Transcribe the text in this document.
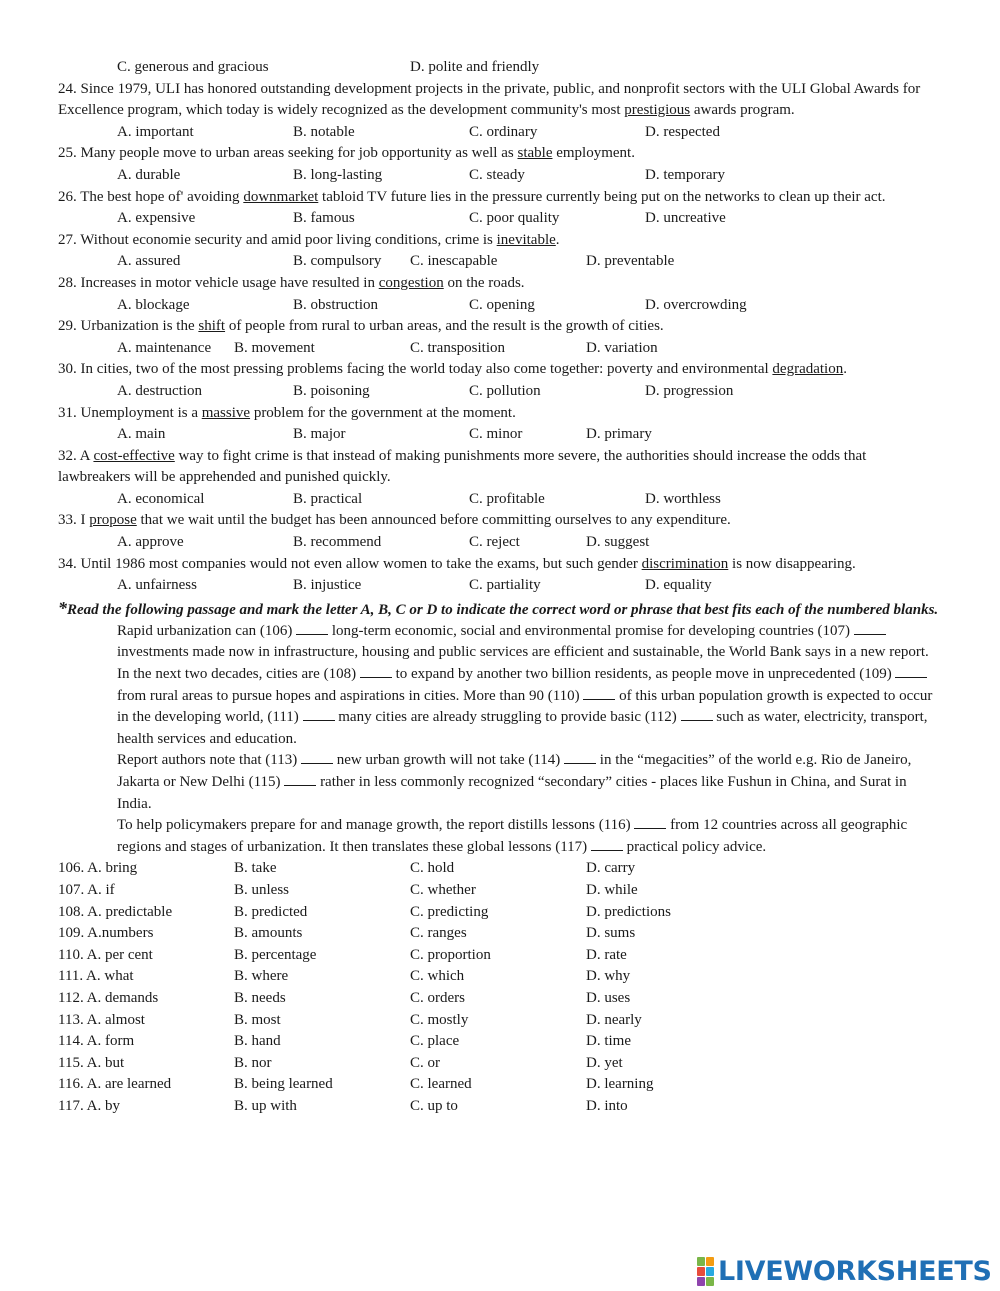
C. generous and gracious	D. polite and friendly
24. Since 1979, ULI has honored outstanding development projects in the private, public, and nonprofit sectors with the ULI Global Awards for Excellence program, which today is widely recognized as the development community's most prestigious awards program.
A. important	B. notable	C. ordinary	D. respected
25. Many people move to urban areas seeking for job opportunity as well as stable employment.
A. durable	B. long-lasting	C. steady	D. temporary
26. The best hope of' avoiding downmarket tabloid TV future lies in the pressure currently being put on the networks to clean up their act.
A. expensive	B. famous	C. poor quality	D. uncreative
27. Without economie security and amid poor living conditions, crime is inevitable.
A. assured	B. compulsory	C. inescapable	D. preventable
28. Increases in motor vehicle usage have resulted in congestion on the roads.
A. blockage	B. obstruction	C. opening	D. overcrowding
29. Urbanization is the shift of people from rural to urban areas, and the result is the growth of cities.
A. maintenance	B. movement	C. transposition	D. variation
30. In cities, two of the most pressing problems facing the world today also come together: poverty and environmental degradation.
A. destruction	B. poisoning	C. pollution	D. progression
31. Unemployment is a massive problem for the government at the moment.
A. main	B. major	C. minor	D. primary
32. A cost-effective way to fight crime is that instead of making punishments more severe, the authorities should increase the odds that lawbreakers will be apprehended and punished quickly.
A. economical	B. practical	C. profitable	D. worthless
33. I propose that we wait until the budget has been announced before committing ourselves to any expenditure.
A. approve	B. recommend	C. reject	D. suggest
34. Until 1986 most companies would not even allow women to take the exams, but such gender discrimination is now disappearing.
A. unfairness	B. injustice	C. partiality	D. equality
*Read the following passage and mark the letter A, B, C or D to indicate the correct word or phrase that best fits each of the numbered blanks.

Rapid urbanization can (106)  long-term economic, social and environmental promise for developing countries (107)  investments made now in infrastructure, housing and public services are efficient and sustainable, the World Bank says in a new report.

In the next two decades, cities are (108)  to expand by another two billion residents, as people move in unprecedented (109)  from rural areas to pursue hopes and aspirations in cities. More than 90 (110)  of this urban population growth is expected to occur in the developing world, (111)  many cities are already struggling to provide basic (112)  such as water, electricity, transport, health services and education.

Report authors note that (113)  new urban growth will not take (114)  in the “megacities” of the world e.g. Rio de Janeiro, Jakarta or New Delhi (115)  rather in less commonly recognized “secondary” cities - places like Fushun in China, and Surat in India.

To help policymakers prepare for and manage growth, the report distills lessons (116)  from 12 countries across all geographic regions and stages of urbanization. It then translates these global lessons (117)  practical policy advice.

106. A. bring	B. take	C. hold	D. carry
107. A. if	B. unless	C. whether	D. while
108. A. predictable	B. predicted	C. predicting	D. predictions
109. A.numbers	B. amounts	C. ranges	D. sums
110. A. per cent	B. percentage	C. proportion	D. rate
111. A. what	B. where	C. which	D. why
112. A. demands	B. needs	C. orders	D. uses
113. A. almost	B. most	C. mostly	D. nearly
114. A. form	B. hand	C. place	D. time
115. A. but	B. nor	C. or	D. yet
116. A. are learned	B. being learned	C. learned	D. learning
117. A. by	B. up with	C. up to	D. into
LIVEWORKSHEETS
